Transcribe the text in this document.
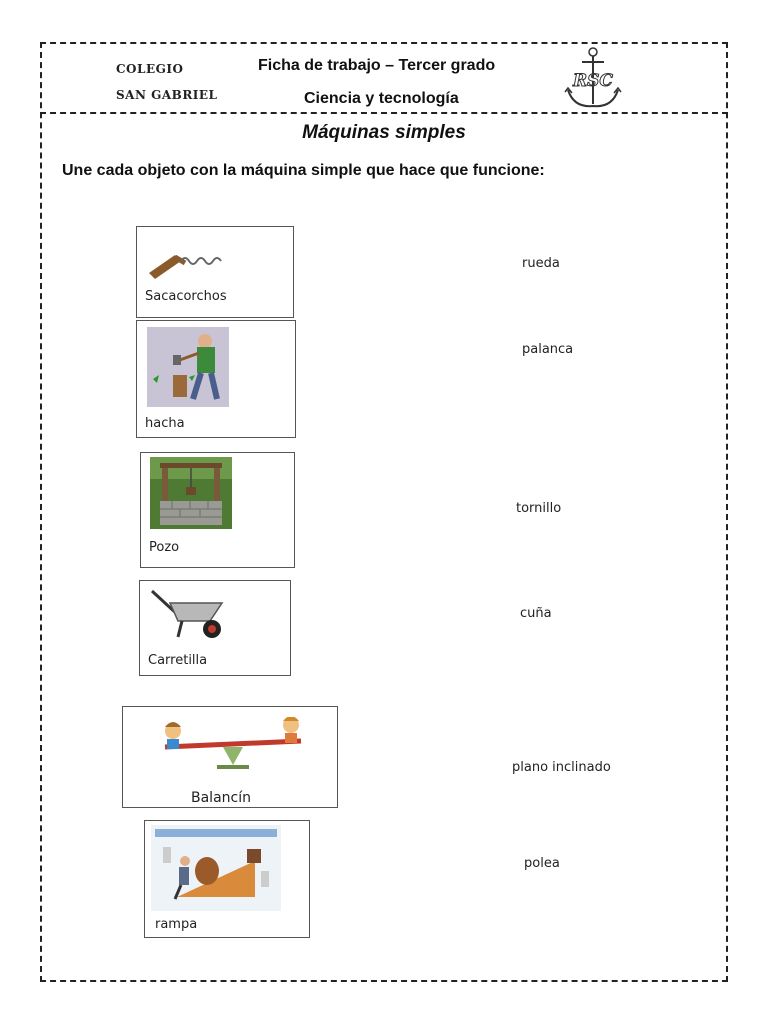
COLEGIO
SAN GABRIEL
Ficha de trabajo – Tercer grado
Ciencia y tecnología
RSC
Máquinas simples
Une cada objeto con la máquina simple que hace que funcione:
Sacacorchos
hacha
Pozo
Carretilla
Balancín
rampa
rueda
palanca
tornillo
cuña
plano inclinado
polea
